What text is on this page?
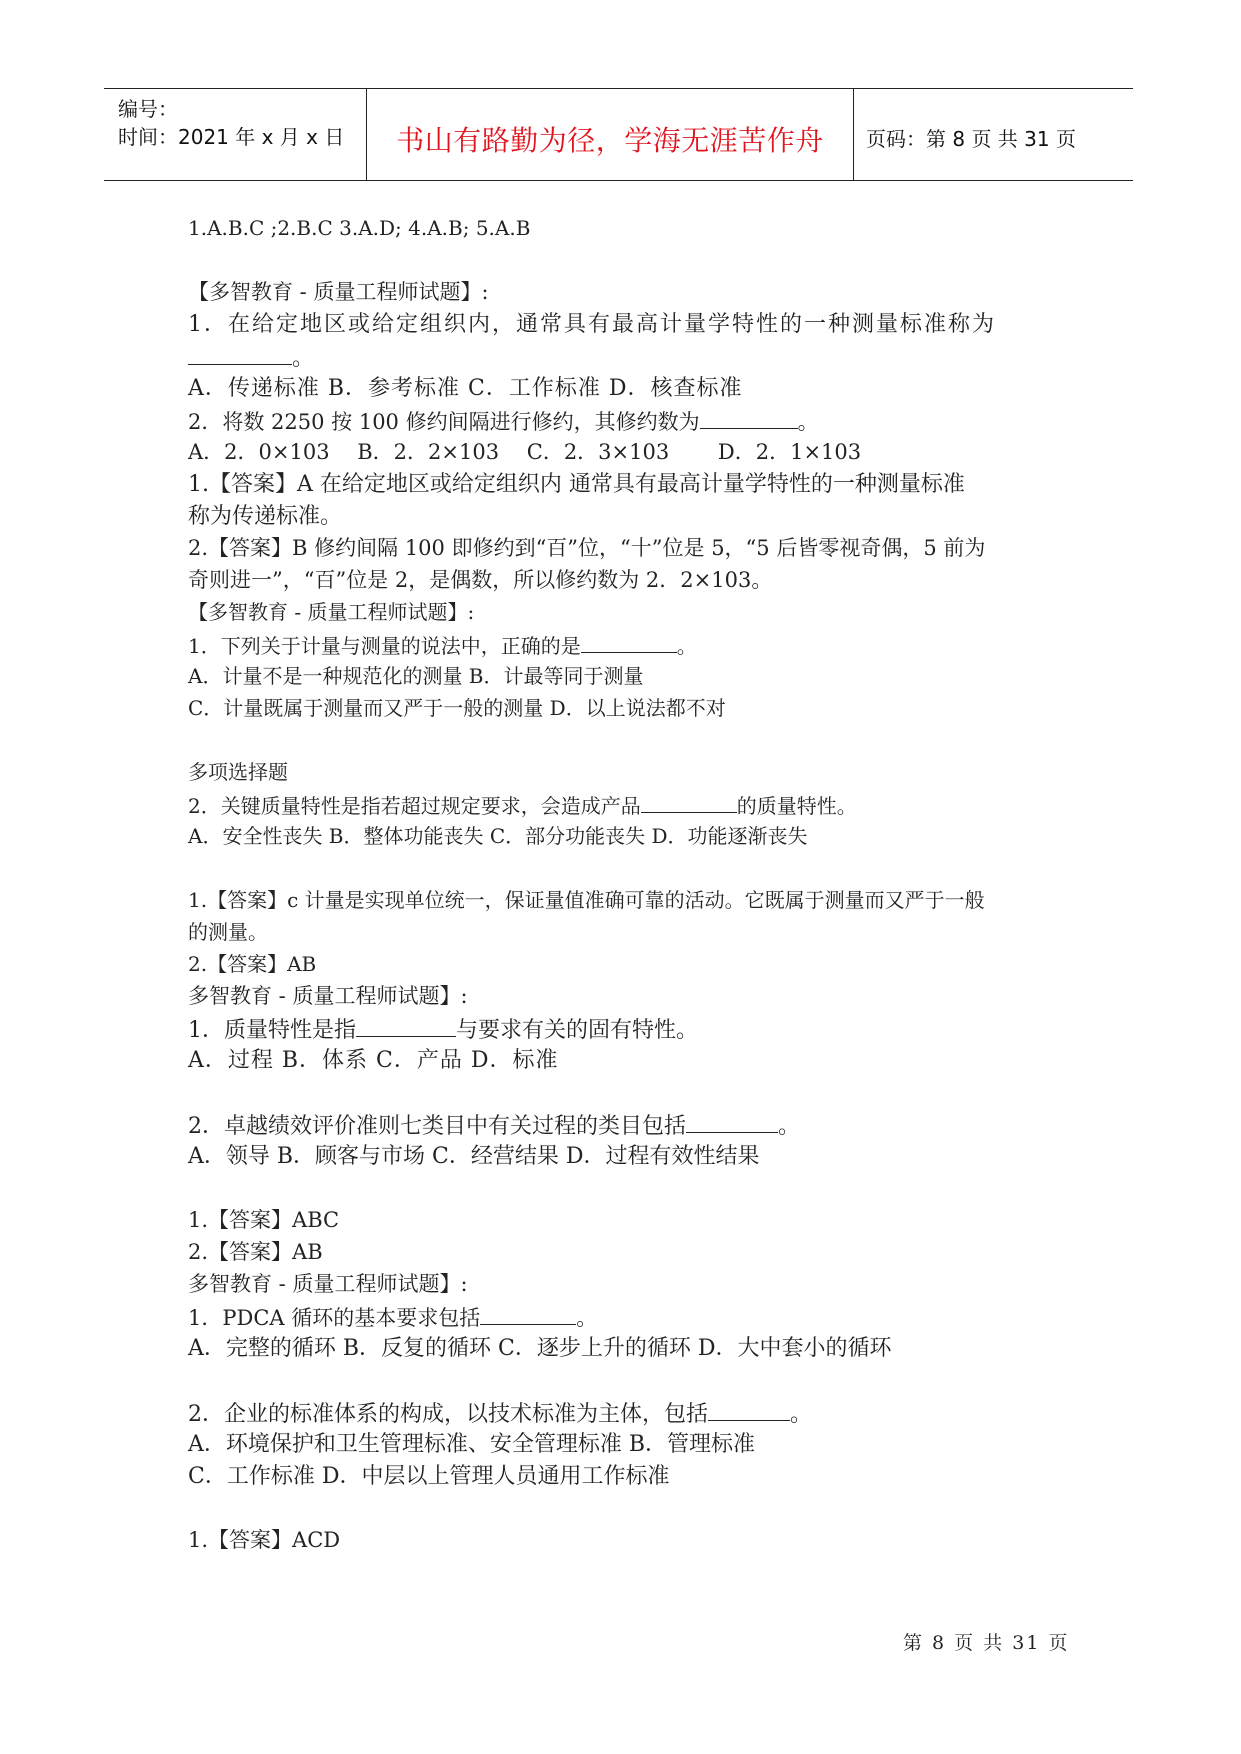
编号：
时间：2021 年 x 月 x 日	书山有路勤为径，学海无涯苦作舟	页码：第 8 页 共 31 页
1.A.B.C ;2.B.C 3.A.D; 4.A.B; 5.A.B
【多智教育 - 质量工程师试题】:
1．在给定地区或给定组织内，通常具有最高计量学特性的一种测量标准称为
。
A．传递标准 B．参考标准 C．工作标准 D．核查标准
2．将数 2250 按 100 修约间隔进行修约，其修约数为	。
A．2．0×103　 B．2．2×103　 C．2．3×103　　 D．2．1×103
1.【答案】A 在给定地区或给定组织内 通常具有最高计量学特性的一种测量标准
称为传递标准。
2.【答案】B 修约间隔 100 即修约到“百”位，“十”位是 5，“5 后皆零视奇偶，5 前为
奇则进一”，“百”位是 2，是偶数，所以修约数为 2．2×103。
【多智教育 - 质量工程师试题】:
1．下列关于计量与测量的说法中，正确的是	。
A．计量不是一种规范化的测量 B．计最等同于测量
C．计量既属于测量而又严于一般的测量 D．以上说法都不对
多项选择题
2．关键质量特性是指若超过规定要求，会造成产品	的质量特性。
A．安全性丧失 B．整体功能丧失 C．部分功能丧失 D．功能逐渐丧失
1.【答案】c 计量是实现单位统一，保证量值准确可靠的活动。它既属于测量而又严于一般
的测量。
2.【答案】AB
多智教育 - 质量工程师试题】:
1．质量特性是指	与要求有关的固有特性。
A．过程 B．体系 C．产品 D．标准
2．卓越绩效评价准则七类目中有关过程的类目包括	。
A．领导 B．顾客与市场 C．经营结果 D．过程有效性结果
1.【答案】ABC
2.【答案】AB
多智教育 - 质量工程师试题】:
1．PDCA 循环的基本要求包括	。
A．完整的循环 B．反复的循环 C．逐步上升的循环 D．大中套小的循环
2．企业的标准体系的构成，以技术标准为主体，包括	。
A．环境保护和卫生管理标准、安全管理标准 B．管理标准
C．工作标准 D．中层以上管理人员通用工作标准
1.【答案】ACD
第 8 页 共 31 页
